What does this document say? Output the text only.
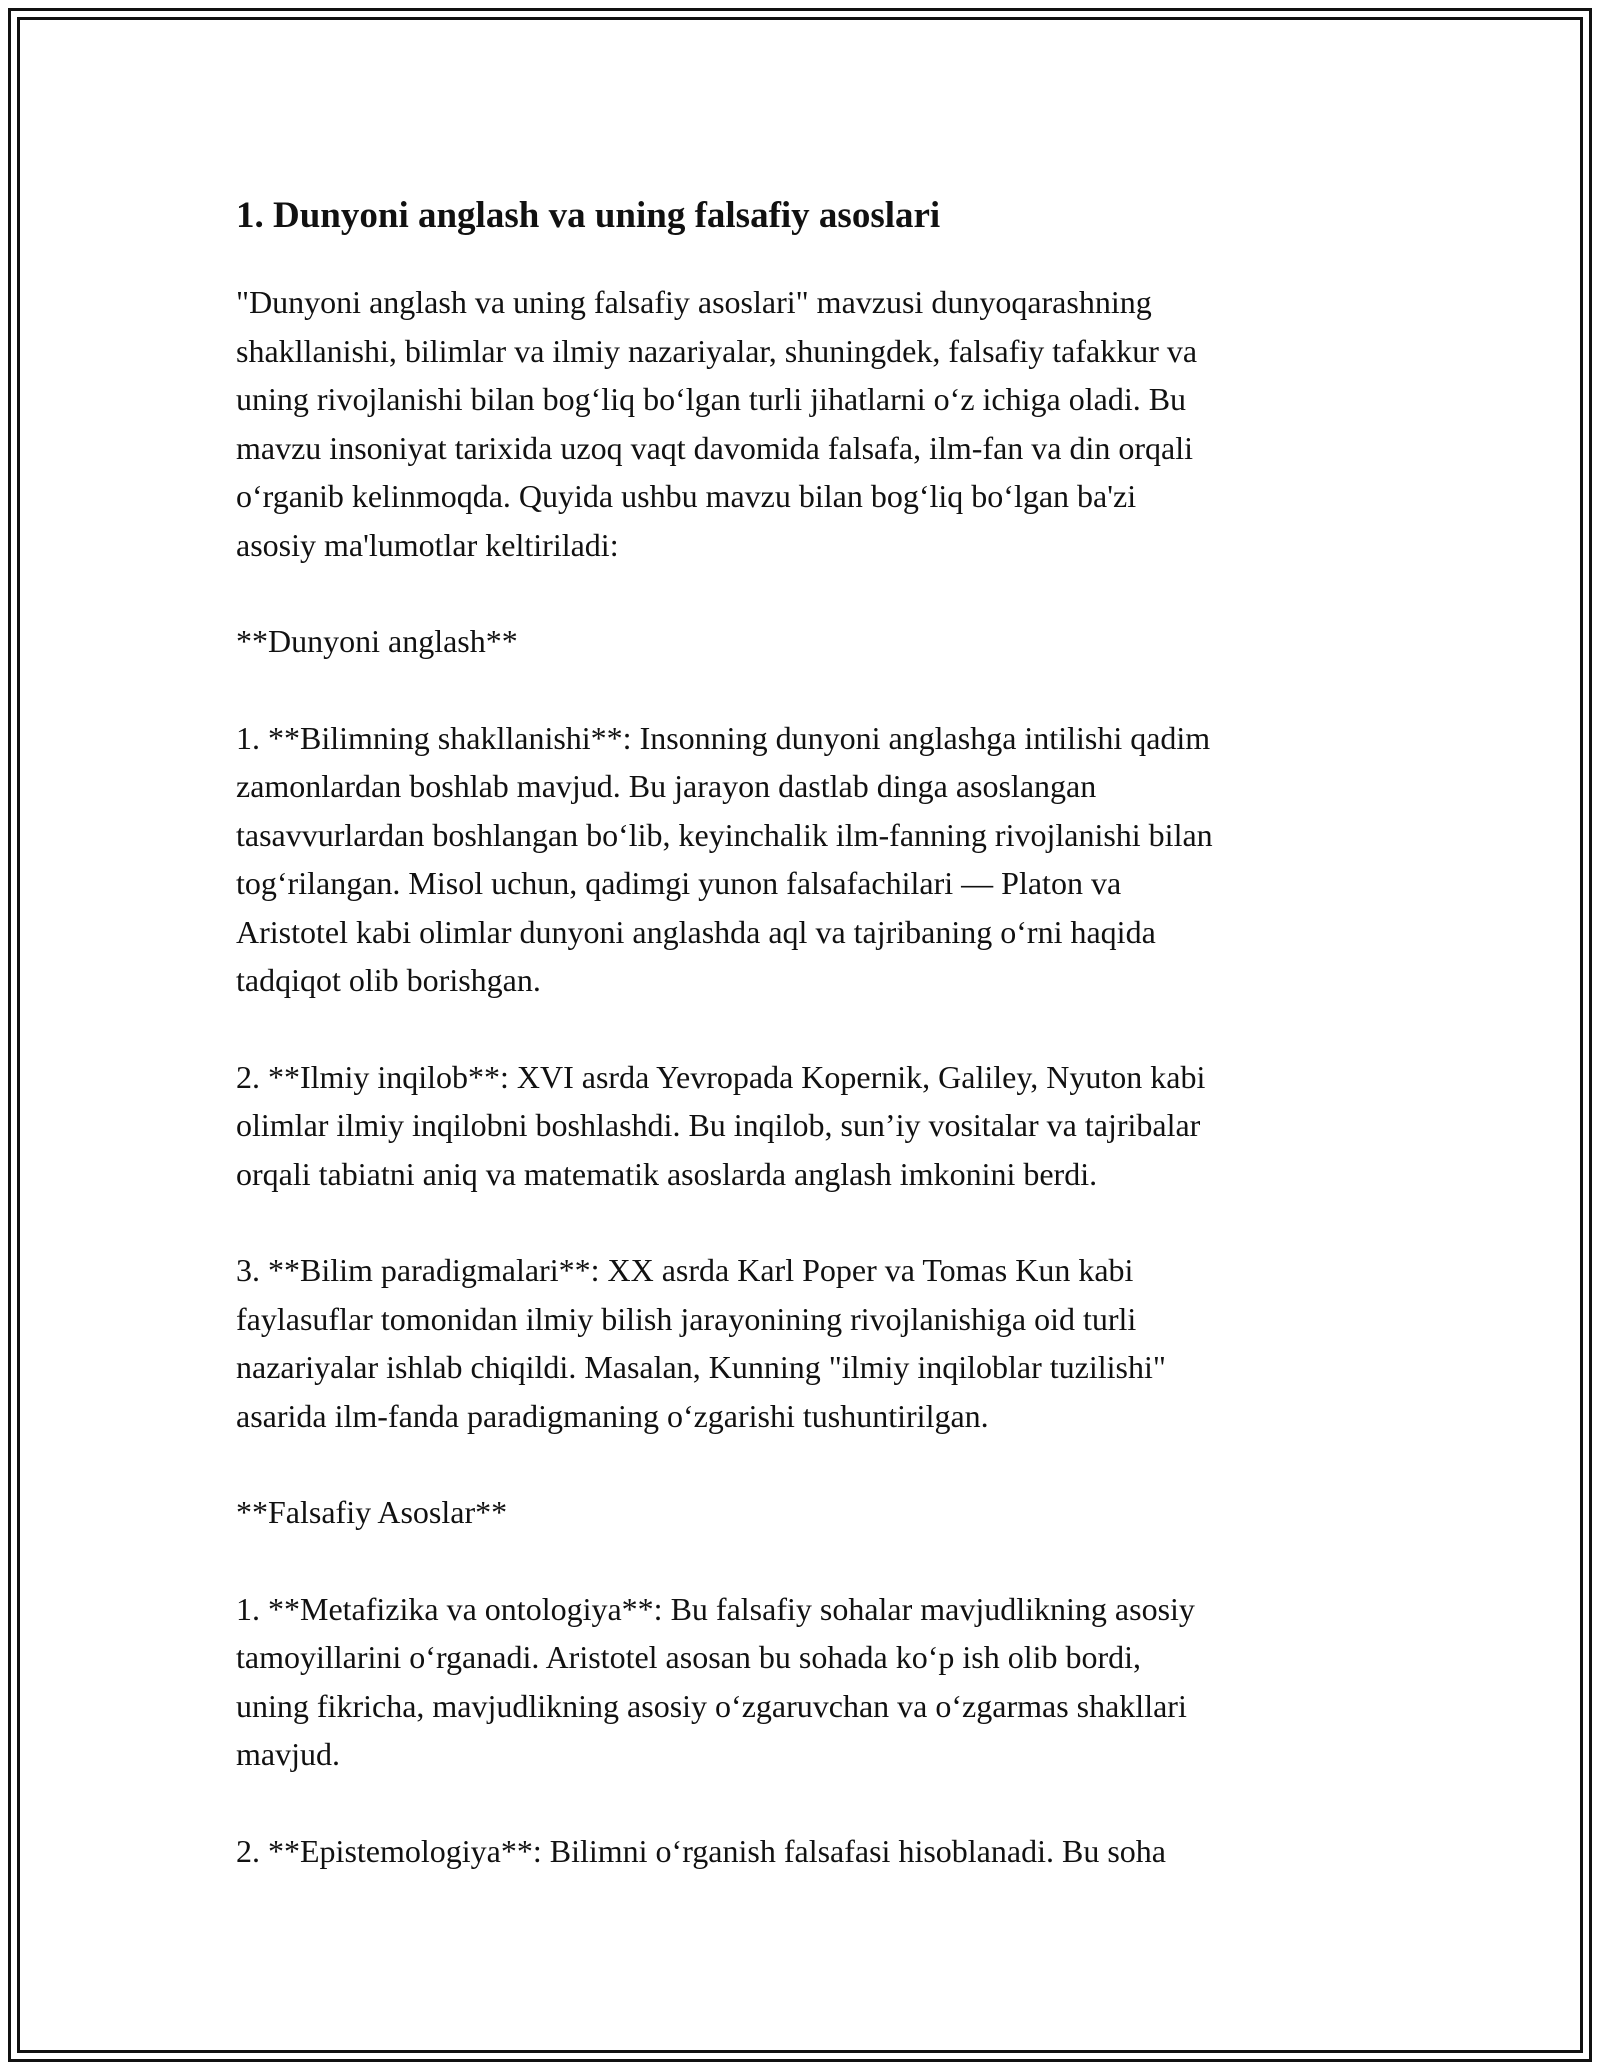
1. Dunyoni anglash va uning falsafiy asoslari

"Dunyoni anglash va uning falsafiy asoslari" mavzusi dunyoqarashning
shakllanishi, bilimlar va ilmiy nazariyalar, shuningdek, falsafiy tafakkur va
uning rivojlanishi bilan bog‘liq bo‘lgan turli jihatlarni o‘z ichiga oladi. Bu
mavzu insoniyat tarixida uzoq vaqt davomida falsafa, ilm-fan va din orqali
o‘rganib kelinmoqda. Quyida ushbu mavzu bilan bog‘liq bo‘lgan ba'zi
asosiy ma'lumotlar keltiriladi:

**Dunyoni anglash**

1. **Bilimning shakllanishi**: Insonning dunyoni anglashga intilishi qadim
zamonlardan boshlab mavjud. Bu jarayon dastlab dinga asoslangan
tasavvurlardan boshlangan bo‘lib, keyinchalik ilm-fanning rivojlanishi bilan
tog‘rilangan. Misol uchun, qadimgi yunon falsafachilari — Platon va
Aristotel kabi olimlar dunyoni anglashda aql va tajribaning o‘rni haqida
tadqiqot olib borishgan.

2. **Ilmiy inqilob**: XVI asrda Yevropada Kopernik, Galiley, Nyuton kabi
olimlar ilmiy inqilobni boshlashdi. Bu inqilob, sun’iy vositalar va tajribalar
orqali tabiatni aniq va matematik asoslarda anglash imkonini berdi.

3. **Bilim paradigmalari**: XX asrda Karl Poper va Tomas Kun kabi
faylasuflar tomonidan ilmiy bilish jarayonining rivojlanishiga oid turli
nazariyalar ishlab chiqildi. Masalan, Kunning "ilmiy inqiloblar tuzilishi"
asarida ilm-fanda paradigmaning o‘zgarishi tushuntirilgan.

**Falsafiy Asoslar**

1. **Metafizika va ontologiya**: Bu falsafiy sohalar mavjudlikning asosiy
tamoyillarini o‘rganadi. Aristotel asosan bu sohada ko‘p ish olib bordi,
uning fikricha, mavjudlikning asosiy o‘zgaruvchan va o‘zgarmas shakllari
mavjud.

2. **Epistemologiya**: Bilimni o‘rganish falsafasi hisoblanadi. Bu soha
